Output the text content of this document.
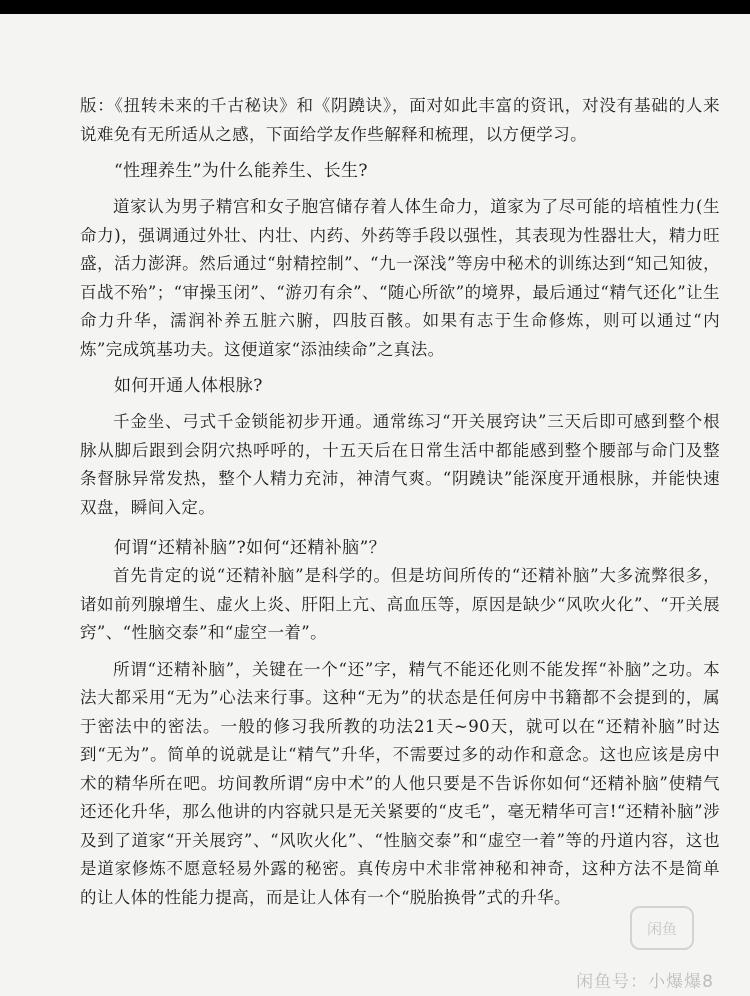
版：《扭转未来的千古秘诀》和《阴蹺诀》，面对如此丰富的资讯，对没有基础的人来说难免有无所适从之感，下面给学友作些解释和梳理，以方便学习。

“性理养生”为什么能养生、长生?

道家认为男子精宫和女子胞宫储存着人体生命力，道家为了尽可能的培植性力(生命力)，强调通过外壮、内壮、内药、外药等手段以强性，其表现为性器壮大，精力旺盛，活力澎湃。然后通过“射精控制”、“九一深浅”等房中秘术的训练达到“知己知彼，百战不殆”；“审操玉闭”、“游刃有余”、“随心所欲”的境界，最后通过“精气还化”让生命力升华，濡润补养五脏六腑，四肢百骸。如果有志于生命修炼，则可以通过“内炼”完成筑基功夫。这便道家“添油续命”之真法。

如何开通人体根脉?

千金坐、弓式千金锁能初步开通。通常练习“开关展窍诀”三天后即可感到整个根脉从脚后跟到会阴穴热呼呼的，十五天后在日常生活中都能感到整个腰部与命门及整条督脉异常发热，整个人精力充沛，神清气爽。“阴蹺诀”能深度开通根脉，并能快速双盘，瞬间入定。

何谓“还精补脑”?如何“还精补脑”？

首先肯定的说“还精补脑”是科学的。但是坊间所传的“还精补脑”大多流弊很多，诸如前列腺增生、虚火上炎、肝阳上亢、高血压等，原因是缺少“风吹火化”、“开关展窍”、“性脑交泰”和“虚空一着”。

所谓“还精补脑”，关键在一个“还”字，精气不能还化则不能发挥“补脑”之功。本法大都采用“无为”心法来行事。这种“无为”的状态是任何房中书籍都不会提到的，属于密法中的密法。一般的修习我所教的功法21天~90天，就可以在“还精补脑”时达到“无为”。简单的说就是让“精气”升华，不需要过多的动作和意念。这也应该是房中术的精华所在吧。坊间教所谓“房中术”的人他只要是不告诉你如何“还精补脑”使精气还还化升华，那么他讲的内容就只是无关紧要的“皮毛”，毫无精华可言!“还精补脑”涉及到了道家“开关展窍”、“风吹火化”、“性脑交泰”和“虚空一着”等的丹道内容，这也是道家修炼不愿意轻易外露的秘密。真传房中术非常神秘和神奇，这种方法不是简单的让人体的性能力提高，而是让人体有一个“脱胎换骨”式的升华。

闲鱼
闲鱼号：小爆爆8
